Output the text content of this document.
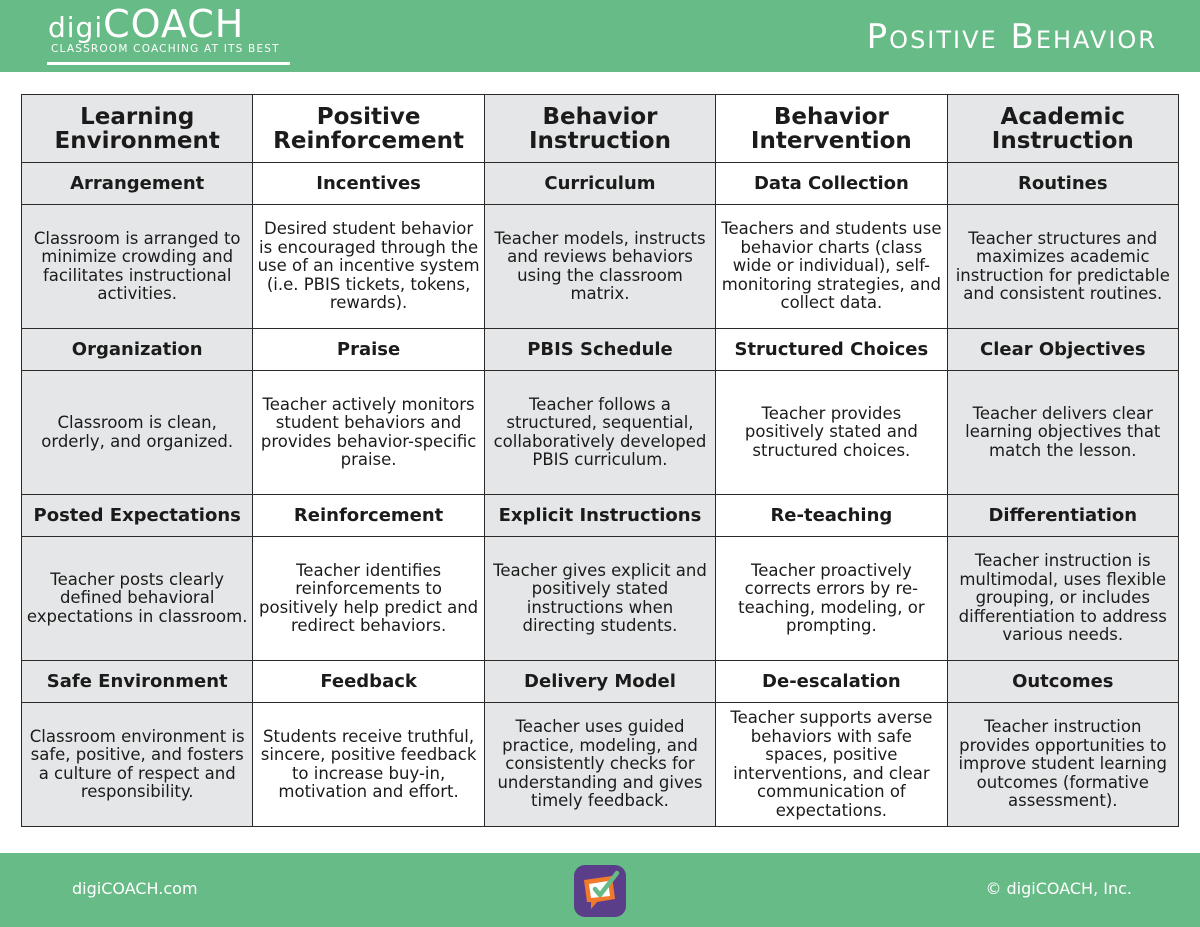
digiCOACH
CLASSROOM COACHING AT ITS BEST	Positive Behavior
Learning Environment	Positive Reinforcement	Behavior Instruction	Behavior Intervention	Academic Instruction
Arrangement	Incentives	Curriculum	Data Collection	Routines
Classroom is arranged to minimize crowding and facilitates instructional activities.	Desired student behavior is encouraged through the use of an incentive system (i.e. PBIS tickets, tokens, rewards).	Teacher models, instructs and reviews behaviors using the classroom matrix.	Teachers and students use behavior charts (class wide or individual), self-monitoring strategies, and collect data.	Teacher structures and maximizes academic instruction for predictable and consistent routines.
Organization	Praise	PBIS Schedule	Structured Choices	Clear Objectives
Classroom is clean, orderly, and organized.	Teacher actively monitors student behaviors and provides behavior-specific praise.	Teacher follows a structured, sequential, collaboratively developed PBIS curriculum.	Teacher provides positively stated and structured choices.	Teacher delivers clear learning objectives that match the lesson.
Posted Expectations	Reinforcement	Explicit Instructions	Re-teaching	Differentiation
Teacher posts clearly defined behavioral expectations in classroom.	Teacher identifies reinforcements to positively help predict and redirect behaviors.	Teacher gives explicit and positively stated instructions when directing students.	Teacher proactively corrects errors by re-teaching, modeling, or prompting.	Teacher instruction is multimodal, uses flexible grouping, or includes differentiation to address various needs.
Safe Environment	Feedback	Delivery Model	De-escalation	Outcomes
Classroom environment is safe, positive, and fosters a culture of respect and responsibility.	Students receive truthful, sincere, positive feedback to increase buy-in, motivation and effort.	Teacher uses guided practice, modeling, and consistently checks for understanding and gives timely feedback.	Teacher supports averse behaviors with safe spaces, positive interventions, and clear communication of expectations.	Teacher instruction provides opportunities to improve student learning outcomes (formative assessment).
digiCOACH.com	© digiCOACH, Inc.
